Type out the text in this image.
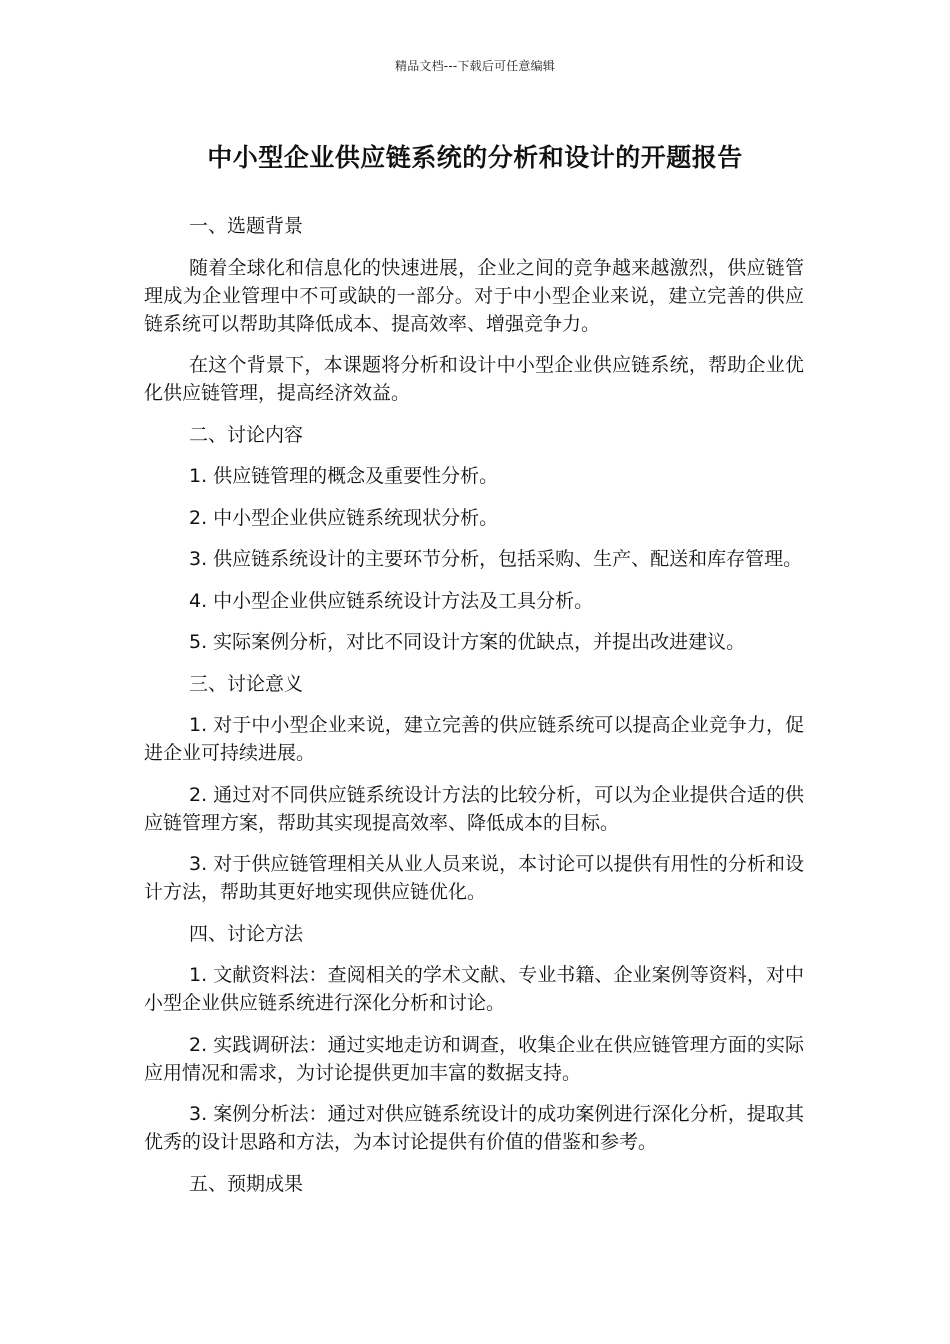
精品文档---下载后可任意编辑
中小型企业供应链系统的分析和设计的开题报告

一、选题背景

随着全球化和信息化的快速进展，企业之间的竞争越来越激烈，供应链管理成为企业管理中不可或缺的一部分。对于中小型企业来说，建立完善的供应链系统可以帮助其降低成本、提高效率、增强竞争力。

在这个背景下，本课题将分析和设计中小型企业供应链系统，帮助企业优化供应链管理，提高经济效益。

二、讨论内容

1. 供应链管理的概念及重要性分析。

2. 中小型企业供应链系统现状分析。

3. 供应链系统设计的主要环节分析，包括采购、生产、配送和库存管理。

4. 中小型企业供应链系统设计方法及工具分析。

5. 实际案例分析，对比不同设计方案的优缺点，并提出改进建议。

三、讨论意义

1. 对于中小型企业来说，建立完善的供应链系统可以提高企业竞争力，促进企业可持续进展。

2. 通过对不同供应链系统设计方法的比较分析，可以为企业提供合适的供应链管理方案，帮助其实现提高效率、降低成本的目标。

3. 对于供应链管理相关从业人员来说，本讨论可以提供有用性的分析和设计方法，帮助其更好地实现供应链优化。

四、讨论方法

1. 文献资料法：查阅相关的学术文献、专业书籍、企业案例等资料，对中小型企业供应链系统进行深化分析和讨论。

2. 实践调研法：通过实地走访和调查，收集企业在供应链管理方面的实际应用情况和需求，为讨论提供更加丰富的数据支持。

3. 案例分析法：通过对供应链系统设计的成功案例进行深化分析，提取其优秀的设计思路和方法，为本讨论提供有价值的借鉴和参考。

五、预期成果
